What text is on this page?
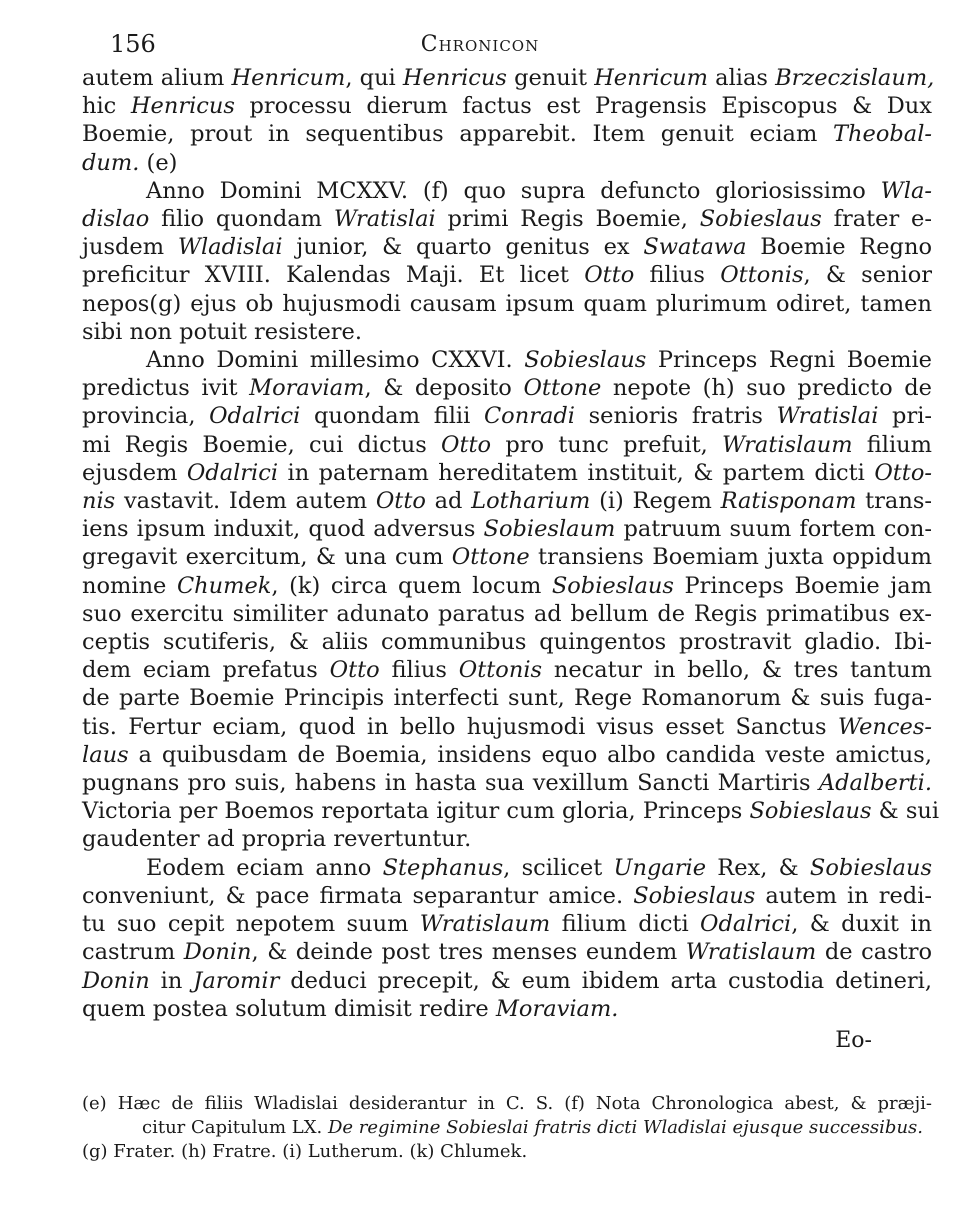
156	Chronicon
autem alium Henricum, qui Henricus genuit Henricum alias Brzeczislaum,
hic Henricus processu dierum factus est Pragensis Episcopus & Dux
Boemie, prout in sequentibus apparebit. Item genuit eciam Theobal-
dum. (e)
Anno Domini MCXXV. (f) quo supra defuncto gloriosissimo Wla-
dislao filio quondam Wratislai primi Regis Boemie, Sobieslaus frater e-
jusdem Wladislai junior, & quarto genitus ex Swatawa Boemie Regno
preficitur XVIII. Kalendas Maji. Et licet Otto filius Ottonis, & senior
nepos(g) ejus ob hujusmodi causam ipsum quam plurimum odiret, tamen
sibi non potuit resistere.
Anno Domini millesimo CXXVI. Sobieslaus Princeps Regni Boemie
predictus ivit Moraviam, & deposito Ottone nepote (h) suo predicto de
provincia, Odalrici quondam filii Conradi senioris fratris Wratislai pri-
mi Regis Boemie, cui dictus Otto pro tunc prefuit, Wratislaum filium
ejusdem Odalrici in paternam hereditatem instituit, & partem dicti Otto-
nis vastavit. Idem autem Otto ad Lotharium (i) Regem Ratisponam trans-
iens ipsum induxit, quod adversus Sobieslaum patruum suum fortem con-
gregavit exercitum, & una cum Ottone transiens Boemiam juxta oppidum
nomine Chumek, (k) circa quem locum Sobieslaus Princeps Boemie jam
suo exercitu similiter adunato paratus ad bellum de Regis primatibus ex-
ceptis scutiferis, & aliis communibus quingentos prostravit gladio. Ibi-
dem eciam prefatus Otto filius Ottonis necatur in bello, & tres tantum
de parte Boemie Principis interfecti sunt, Rege Romanorum & suis fuga-
tis. Fertur eciam, quod in bello hujusmodi visus esset Sanctus Wences-
laus a quibusdam de Boemia, insidens equo albo candida veste amictus,
pugnans pro suis, habens in hasta sua vexillum Sancti Martiris Adalberti.
Victoria per Boemos reportata igitur cum gloria, Princeps Sobieslaus & sui
gaudenter ad propria revertuntur.
Eodem eciam anno Stephanus, scilicet Ungarie Rex, & Sobieslaus
conveniunt, & pace firmata separantur amice. Sobieslaus autem in redi-
tu suo cepit nepotem suum Wratislaum filium dicti Odalrici, & duxit in
castrum Donin, & deinde post tres menses eundem Wratislaum de castro
Donin in Jaromir deduci precepit, & eum ibidem arta custodia detineri,
quem postea solutum dimisit redire Moraviam.
Eo-
(e) Hæc de filiis Wladislai desiderantur in C. S. (f) Nota Chronologica abest, & præji-
citur Capitulum LX. De regimine Sobieslai fratris dicti Wladislai ejusque successibus.
(g) Frater. (h) Fratre. (i) Lutherum. (k) Chlumek.
